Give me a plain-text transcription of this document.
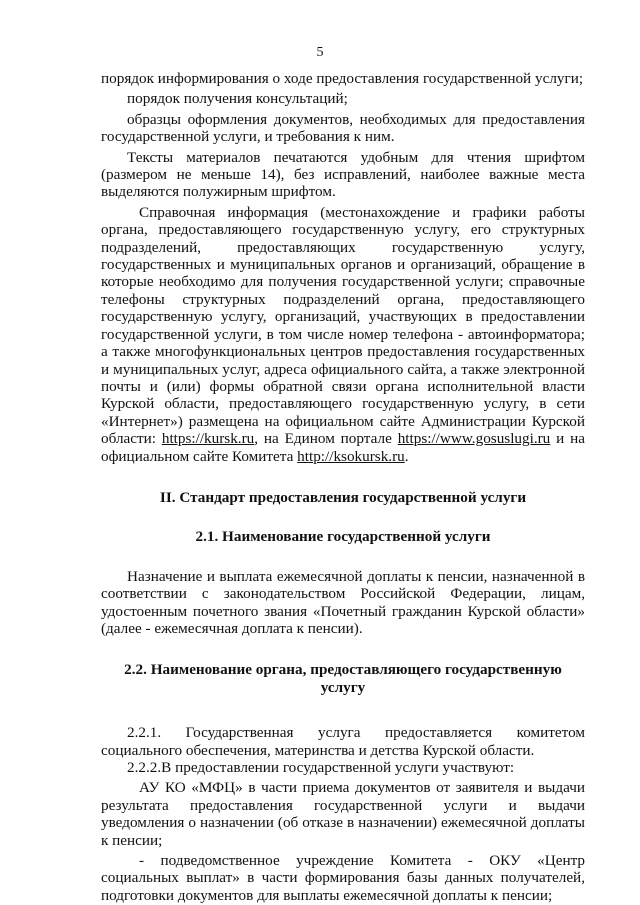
5

порядок информирования о ходе предоставления государственной услуги;

порядок получения консультаций;

образцы оформления документов, необходимых для предоставления государственной услуги, и требования к ним.

Тексты материалов печатаются удобным для чтения шрифтом (размером не меньше 14), без исправлений, наиболее важные места выделяются полужирным шрифтом.

Справочная информация (местонахождение и графики работы органа, предоставляющего государственную услугу, его структурных подразделений, предоставляющих государственную услугу, государственных и муниципальных органов и организаций, обращение в которые необходимо для получения государственной услуги; справочные телефоны структурных подразделений органа, предоставляющего государственную услугу, организаций, участвующих в предоставлении государственной услуги, в том числе номер телефона - автоинформатора; а также многофункциональных центров предоставления государственных и муниципальных услуг, адреса официального сайта, а также электронной почты и (или) формы обратной связи органа исполнительной власти Курской области, предоставляющего государственную услугу, в сети «Интернет») размещена на официальном сайте Администрации Курской области: https://kursk.ru, на Едином портале https://www.gosuslugi.ru и на официальном сайте Комитета http://ksokursk.ru.

II. Стандарт предоставления государственной услуги

2.1. Наименование государственной услуги

Назначение и выплата ежемесячной доплаты к пенсии, назначенной в соответствии с законодательством Российской Федерации, лицам, удостоенным почетного звания «Почетный гражданин Курской области» (далее - ежемесячная доплата к пенсии).

2.2. Наименование органа, предоставляющего государственную услугу

2.2.1. Государственная услуга предоставляется комитетом социального обеспечения, материнства и детства Курской области.

2.2.2.В предоставлении государственной услуги участвуют:

АУ КО «МФЦ» в части приема документов от заявителя и выдачи результата предоставления государственной услуги и выдачи уведомления о назначении (об отказе в назначении) ежемесячной доплаты к пенсии;

- подведомственное учреждение Комитета - ОКУ «Центр социальных выплат» в части формирования базы данных получателей, подготовки документов для выплаты ежемесячной доплаты к пенсии;
